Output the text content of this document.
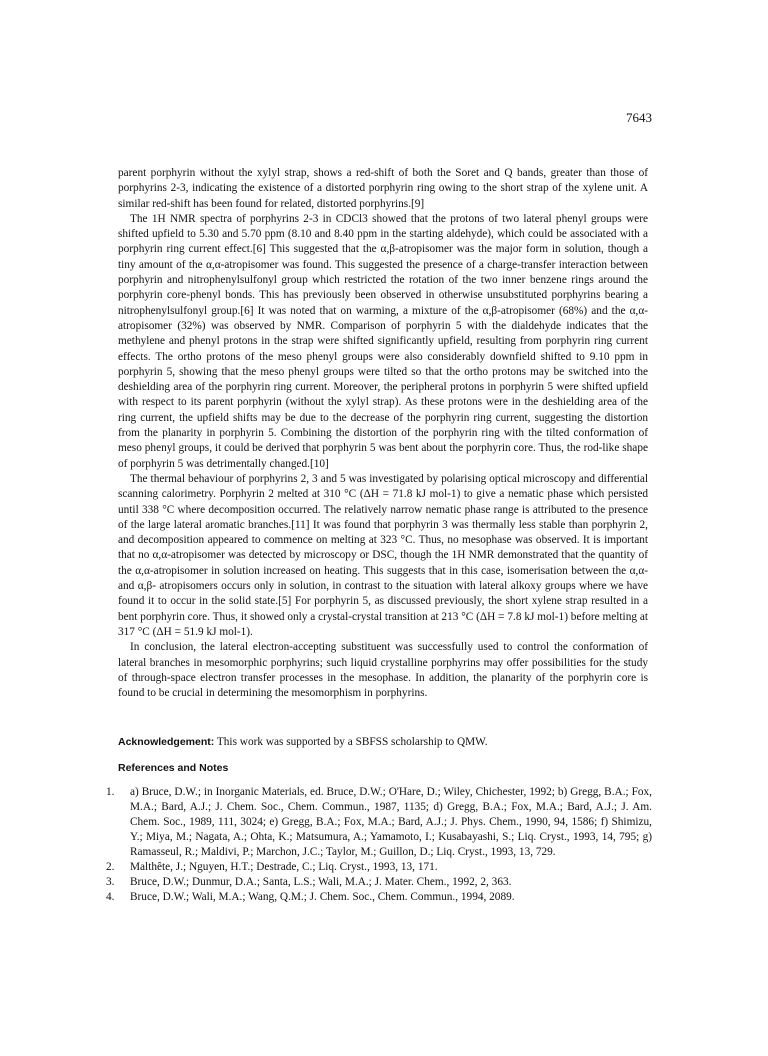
7643

parent porphyrin without the xylyl strap, shows a red-shift of both the Soret and Q bands, greater than those of porphyrins 2-3, indicating the existence of a distorted porphyrin ring owing to the short strap of the xylene unit. A similar red-shift has been found for related, distorted porphyrins.[9]

The 1H NMR spectra of porphyrins 2-3 in CDCl3 showed that the protons of two lateral phenyl groups were shifted upfield to 5.30 and 5.70 ppm (8.10 and 8.40 ppm in the starting aldehyde), which could be associated with a porphyrin ring current effect.[6] This suggested that the α,β-atropisomer was the major form in solution, though a tiny amount of the α,α-atropisomer was found. This suggested the presence of a charge-transfer interaction between porphyrin and nitrophenylsulfonyl group which restricted the rotation of the two inner benzene rings around the porphyrin core-phenyl bonds. This has previously been observed in otherwise unsubstituted porphyrins bearing a nitrophenylsulfonyl group.[6] It was noted that on warming, a mixture of the α,β-atropisomer (68%) and the α,α-atropisomer (32%) was observed by NMR. Comparison of porphyrin 5 with the dialdehyde indicates that the methylene and phenyl protons in the strap were shifted significantly upfield, resulting from porphyrin ring current effects. The ortho protons of the meso phenyl groups were also considerably downfield shifted to 9.10 ppm in porphyrin 5, showing that the meso phenyl groups were tilted so that the ortho protons may be switched into the deshielding area of the porphyrin ring current. Moreover, the peripheral protons in porphyrin 5 were shifted upfield with respect to its parent porphyrin (without the xylyl strap). As these protons were in the deshielding area of the ring current, the upfield shifts may be due to the decrease of the porphyrin ring current, suggesting the distortion from the planarity in porphyrin 5. Combining the distortion of the porphyrin ring with the tilted conformation of meso phenyl groups, it could be derived that porphyrin 5 was bent about the porphyrin core. Thus, the rod-like shape of porphyrin 5 was detrimentally changed.[10]

The thermal behaviour of porphyrins 2, 3 and 5 was investigated by polarising optical microscopy and differential scanning calorimetry. Porphyrin 2 melted at 310 °C (ΔH = 71.8 kJ mol-1) to give a nematic phase which persisted until 338 °C where decomposition occurred. The relatively narrow nematic phase range is attributed to the presence of the large lateral aromatic branches.[11] It was found that porphyrin 3 was thermally less stable than porphyrin 2, and decomposition appeared to commence on melting at 323 °C. Thus, no mesophase was observed. It is important that no α,α-atropisomer was detected by microscopy or DSC, though the 1H NMR demonstrated that the quantity of the α,α-atropisomer in solution increased on heating. This suggests that in this case, isomerisation between the α,α- and α,β- atropisomers occurs only in solution, in contrast to the situation with lateral alkoxy groups where we have found it to occur in the solid state.[5] For porphyrin 5, as discussed previously, the short xylene strap resulted in a bent porphyrin core. Thus, it showed only a crystal-crystal transition at 213 °C (ΔH = 7.8 kJ mol-1) before melting at 317 °C (ΔH = 51.9 kJ mol-1).

In conclusion, the lateral electron-accepting substituent was successfully used to control the conformation of lateral branches in mesomorphic porphyrins; such liquid crystalline porphyrins may offer possibilities for the study of through-space electron transfer processes in the mesophase. In addition, the planarity of the porphyrin core is found to be crucial in determining the mesomorphism in porphyrins.

Acknowledgement: This work was supported by a SBFSS scholarship to QMW.
References and Notes
1.	a) Bruce, D.W.; in Inorganic Materials, ed. Bruce, D.W.; O'Hare, D.; Wiley, Chichester, 1992; b) Gregg, B.A.; Fox, M.A.; Bard, A.J.; J. Chem. Soc., Chem. Commun., 1987, 1135; d) Gregg, B.A.; Fox, M.A.; Bard, A.J.; J. Am. Chem. Soc., 1989, 111, 3024; e) Gregg, B.A.; Fox, M.A.; Bard, A.J.; J. Phys. Chem., 1990, 94, 1586; f) Shimizu, Y.; Miya, M.; Nagata, A.; Ohta, K.; Matsumura, A.; Yamamoto, I.; Kusabayashi, S.; Liq. Cryst., 1993, 14, 795; g) Ramasseul, R.; Maldivi, P.; Marchon, J.C.; Taylor, M.; Guillon, D.; Liq. Cryst., 1993, 13, 729.
2.	Malthête, J.; Nguyen, H.T.; Destrade, C.; Liq. Cryst., 1993, 13, 171.
3.	Bruce, D.W.; Dunmur, D.A.; Santa, L.S.; Wali, M.A.; J. Mater. Chem., 1992, 2, 363.
4.	Bruce, D.W.; Wali, M.A.; Wang, Q.M.; J. Chem. Soc., Chem. Commun., 1994, 2089.
